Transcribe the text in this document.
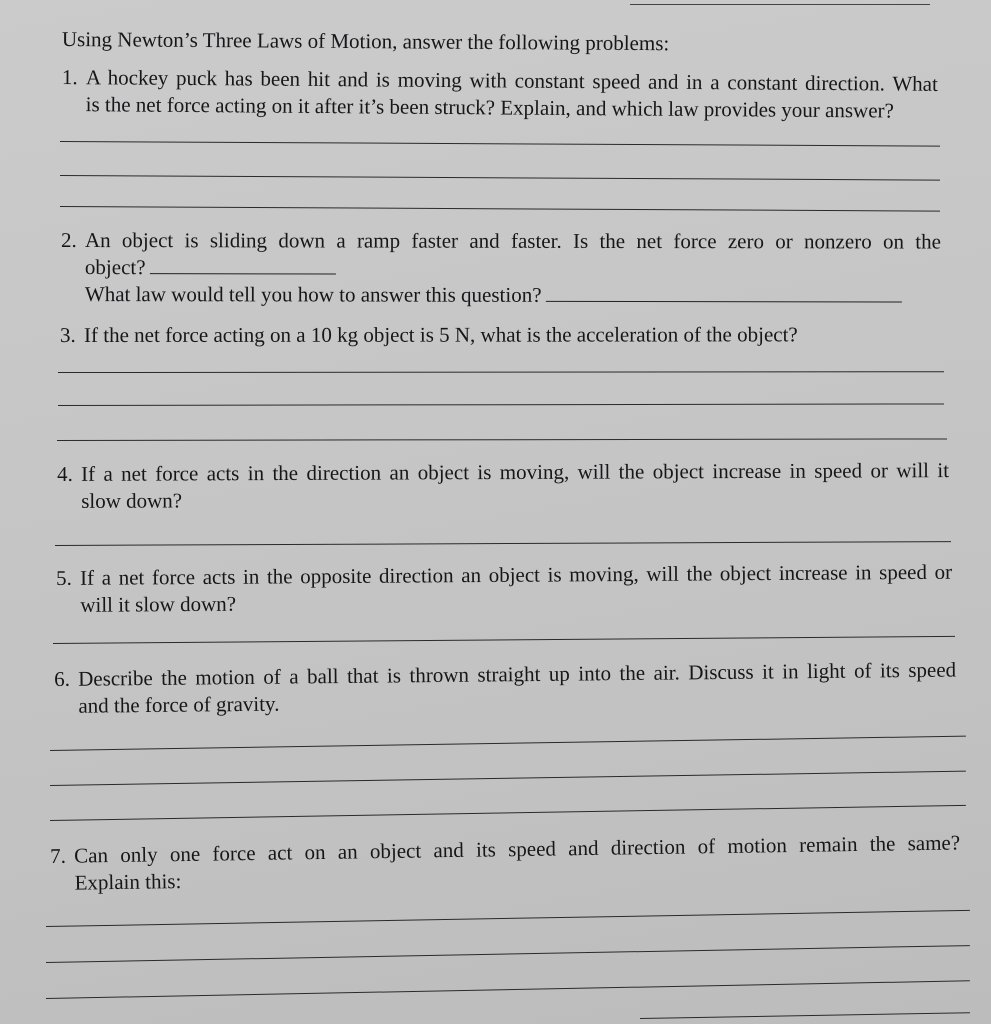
Using Newton’s Three Laws of Motion, answer the following problems:
1. A hockey puck has been hit and is moving with constant speed and in a constant direction. What
is the net force acting on it after it’s been struck? Explain, and which law provides your answer?
2. An object is sliding down a ramp faster and faster. Is the net force zero or nonzero on the
object?
What law would tell you how to answer this question?
3. If the net force acting on a 10 kg object is 5 N, what is the acceleration of the object?
4. If a net force acts in the direction an object is moving, will the object increase in speed or will it
slow down?
5. If a net force acts in the opposite direction an object is moving, will the object increase in speed or
will it slow down?
6. Describe the motion of a ball that is thrown straight up into the air. Discuss it in light of its speed
and the force of gravity.
7. Can only one force act on an object and its speed and direction of motion remain the same?
Explain this:
